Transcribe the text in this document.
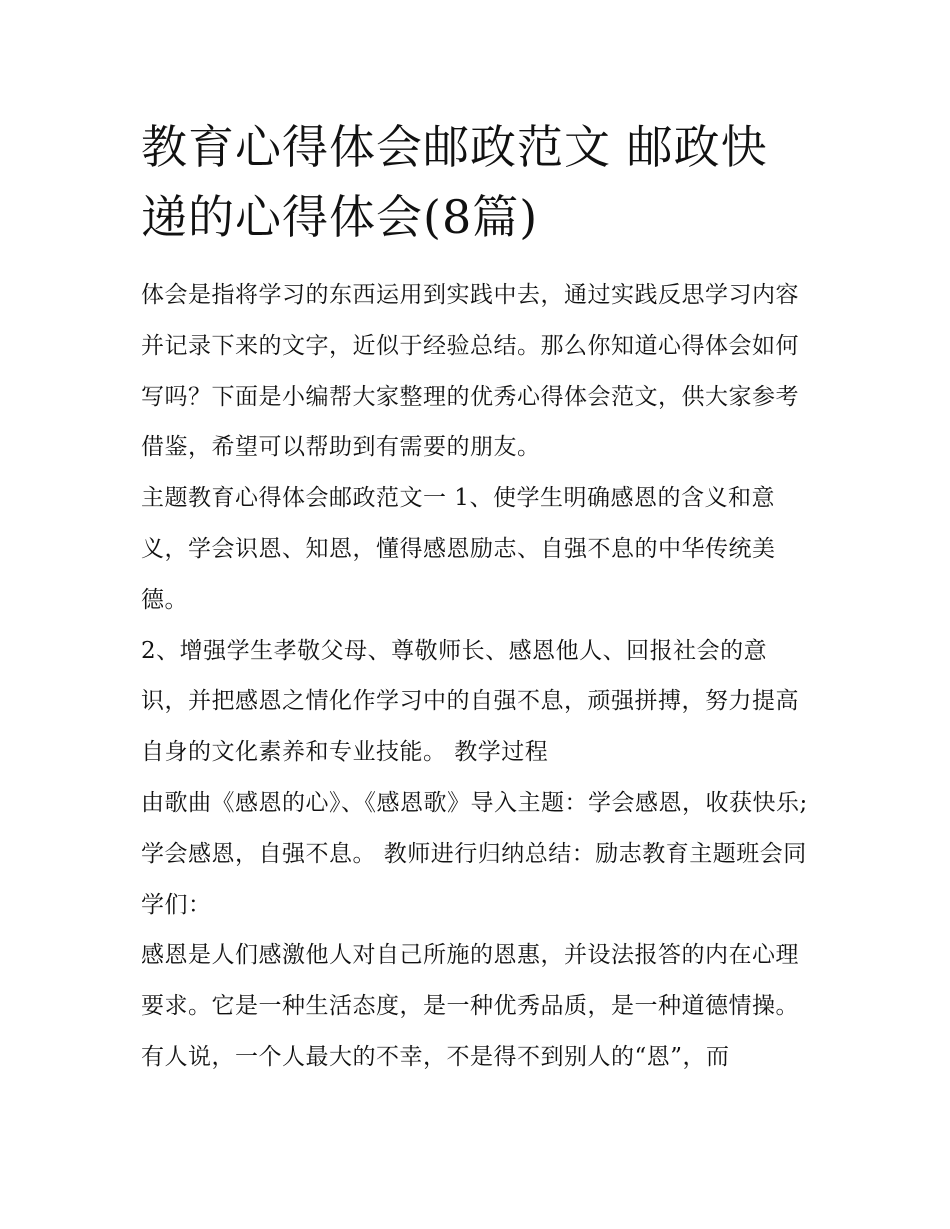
教育心得体会邮政范文 邮政快递的心得体会(8篇)

体会是指将学习的东西运用到实践中去，通过实践反思学习内容并记录下来的文字，近似于经验总结。那么你知道心得体会如何写吗？下面是小编帮大家整理的优秀心得体会范文，供大家参考借鉴，希望可以帮助到有需要的朋友。

主题教育心得体会邮政范文一 1、使学生明确感恩的含义和意义，学会识恩、知恩，懂得感恩励志、自强不息的中华传统美德。

2、增强学生孝敬父母、尊敬师长、感恩他人、回报社会的意识，并把感恩之情化作学习中的自强不息，顽强拼搏，努力提高自身的文化素养和专业技能。 教学过程

由歌曲《感恩的心》、《感恩歌》导入主题：学会感恩，收获快乐;学会感恩，自强不息。 教师进行归纳总结：励志教育主题班会同学们：

感恩是人们感激他人对自己所施的恩惠，并设法报答的内在心理要求。它是一种生活态度，是一种优秀品质，是一种道德情操。有人说，一个人最大的不幸，不是得不到别人的“恩”，而
